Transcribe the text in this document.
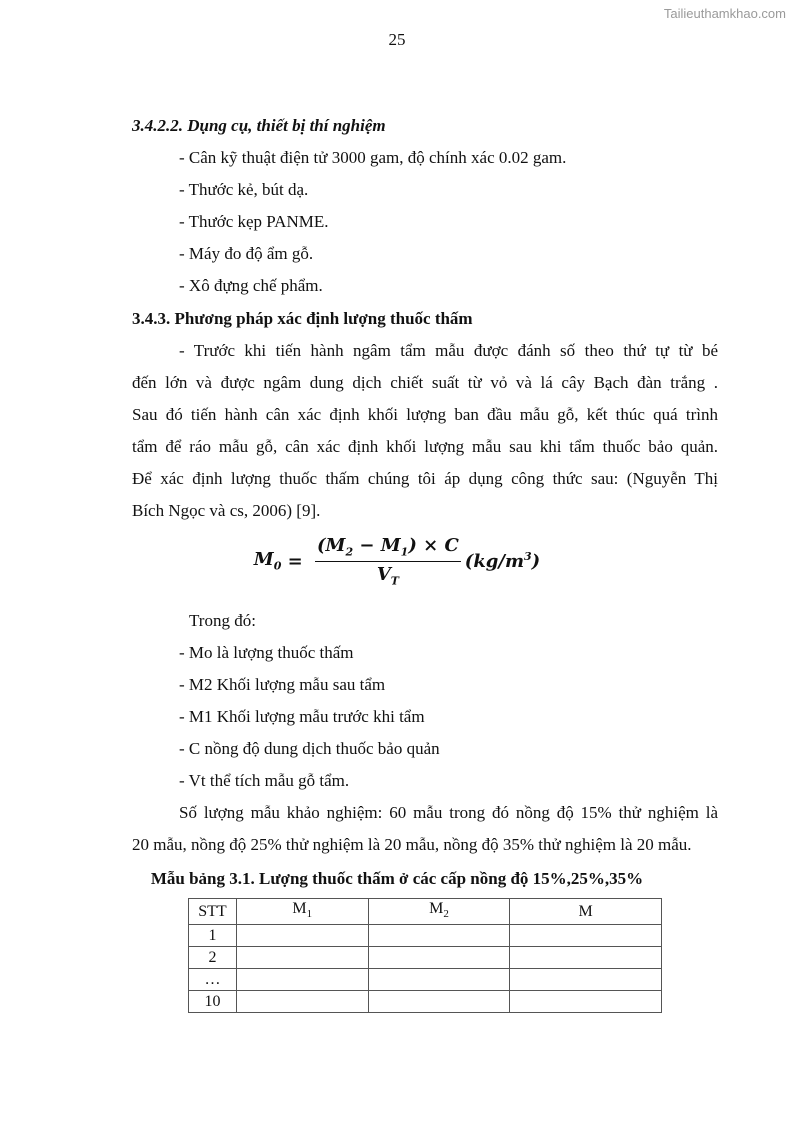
Tailieuthamkhao.com
25
3.4.2.2. Dụng cụ, thiết bị thí nghiệm
- Cân kỹ thuật điện tử 3000 gam, độ chính xác 0.02 gam.
- Thước kẻ, bút dạ.
- Thước kẹp PANME.
- Máy đo độ ẩm gỗ.
- Xô đựng chế phẩm.
3.4.3. Phương pháp xác định lượng thuốc thấm
- Trước khi tiến hành ngâm tẩm mẫu được đánh số theo thứ tự từ bé
đến lớn và được ngâm dung dịch chiết suất từ vỏ và lá cây Bạch đàn trắng .
Sau đó tiến hành cân xác định khối lượng ban đầu mẫu gỗ, kết thúc quá trình
tẩm để ráo mẫu gỗ, cân xác định khối lượng mẫu sau khi tẩm thuốc bảo quản.
Để xác định lượng thuốc thấm chúng tôi áp dụng công thức sau: (Nguyễn Thị
Bích Ngọc và cs, 2006) [9].
$M_0 = \frac{(M_2 - M_1) \times C}{V_T} (kg/m^3)$
Trong đó:
- Mo là lượng thuốc thấm
- M2 Khối lượng mẫu sau tẩm
- M1 Khối lượng mẫu trước khi tẩm
- C nồng độ dung dịch thuốc bảo quản
- Vt thể tích mẫu gỗ tẩm.
Số lượng mẫu khảo nghiệm: 60 mẫu trong đó nồng độ 15% thử nghiệm là
20 mẫu, nồng độ 25% thử nghiệm là 20 mẫu, nồng độ 35% thử nghiệm là 20 mẫu.
Mẫu bảng 3.1. Lượng thuốc thấm ở các cấp nồng độ 15%,25%,35%
STT	$M_1$	$M_2$	M
1			
2			
…			
10			
